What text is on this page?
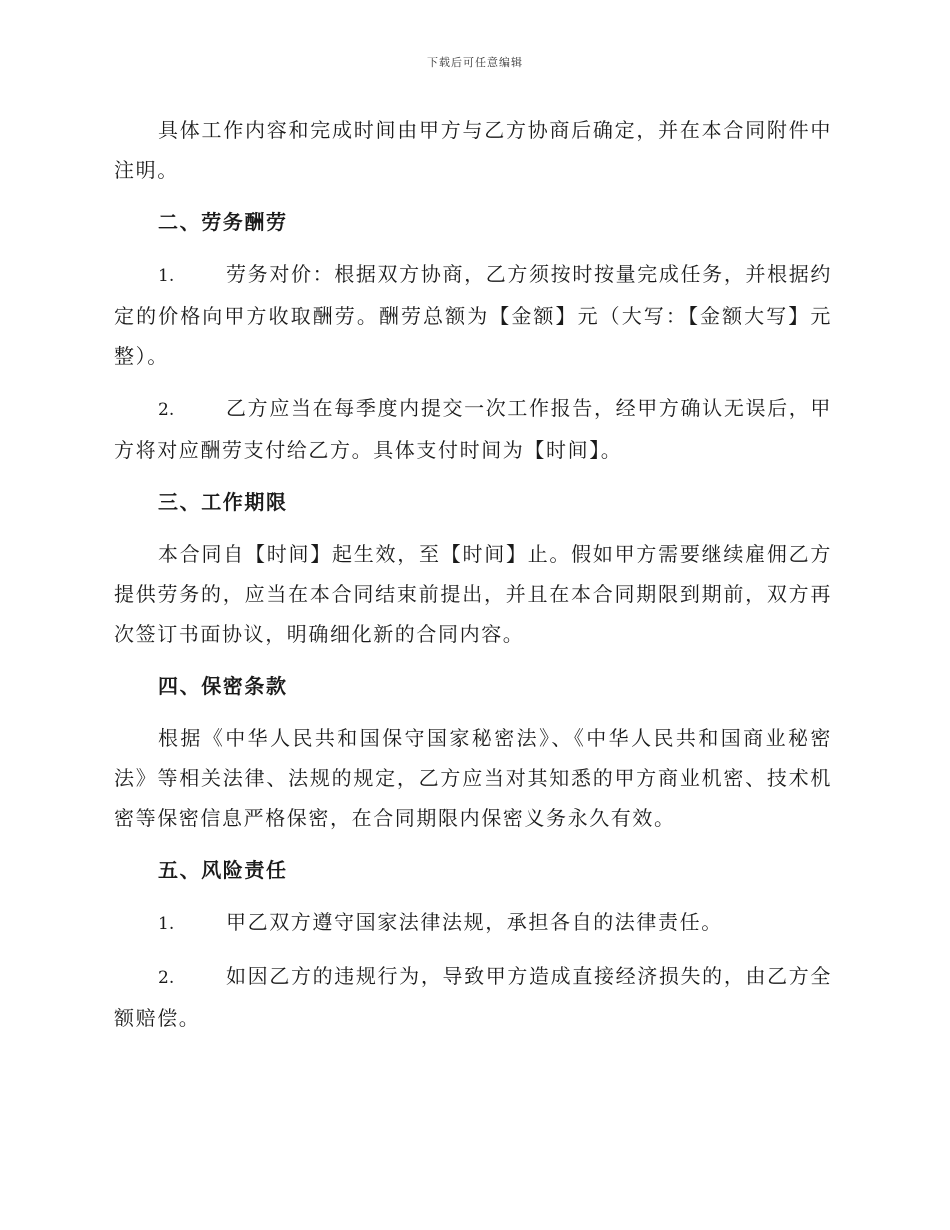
下载后可任意编辑

具体工作内容和完成时间由甲方与乙方协商后确定，并在本合同附件中注明。

二、劳务酬劳

1.	劳务对价：根据双方协商，乙方须按时按量完成任务，并根据约定的价格向甲方收取酬劳。酬劳总额为【金额】元（大写：【金额大写】元整）。

2.	乙方应当在每季度内提交一次工作报告，经甲方确认无误后，甲方将对应酬劳支付给乙方。具体支付时间为【时间】。

三、工作期限

本合同自【时间】起生效，至【时间】止。假如甲方需要继续雇佣乙方提供劳务的，应当在本合同结束前提出，并且在本合同期限到期前，双方再次签订书面协议，明确细化新的合同内容。

四、保密条款

根据《中华人民共和国保守国家秘密法》、《中华人民共和国商业秘密法》等相关法律、法规的规定，乙方应当对其知悉的甲方商业机密、技术机密等保密信息严格保密，在合同期限内保密义务永久有效。

五、风险责任

1.	甲乙双方遵守国家法律法规，承担各自的法律责任。

2.	如因乙方的违规行为，导致甲方造成直接经济损失的，由乙方全额赔偿。
